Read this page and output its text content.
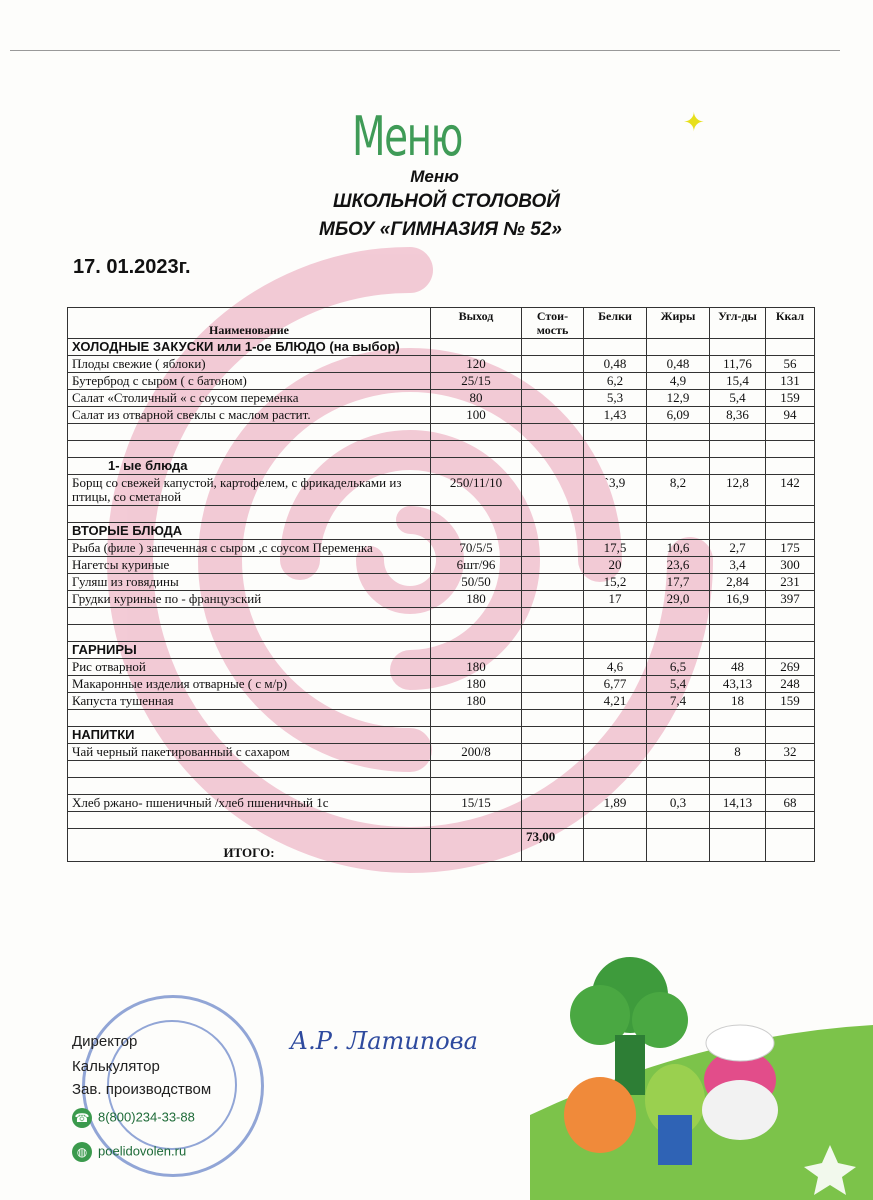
Меню
Меню
ШКОЛЬНОЙ СТОЛОВОЙ
МБОУ «ГИМНАЗИЯ № 52»
17. 01.2023г.
Наименование	Выход	Стои-мость	Белки	Жиры	Угл-ды	Ккал
ХОЛОДНЫЕ ЗАКУСКИ или 1-ое БЛЮДО (на выбор)						
Плоды свежие ( яблоки)	120		0,48	0,48	11,76	56
Бутерброд с сыром ( с батоном)	25/15		6,2	4,9	15,4	131
Салат «Столичный « с соусом переменка	80		5,3	12,9	5,4	159
Салат из отварной свеклы с маслом растит.	100		1,43	6,09	8,36	94

1- ые блюда						
Борщ со свежей капустой, картофелем, с фрикадельками из птицы, со сметаной	250/11/10		`3,9	8,2	12,8	142

ВТОРЫЕ БЛЮДА						
Рыба (филе ) запеченная с сыром ,с соусом Переменка	70/5/5		17,5	10,6	2,7	175
Нагетсы куриные	6шт/96		20	23,6	3,4	300
Гуляш из говядины	50/50		15,2	17,7	2,84	231
Грудки куриные по - французский	180		17	29,0	16,9	397

ГАРНИРЫ						
Рис отварной	180		4,6	6,5	48	269
Макаронные изделия отварные ( с м/р)	180		6,77	5,4	43,13	248
Капуста тушенная	180		4,21	7,4	18	159

НАПИТКИ						
Чай черный пакетированный с сахаром	200/8				8	32

Хлеб ржано- пшеничный /хлеб пшеничный 1с	15/15		1,89	0,3	14,13	68

ИТОГО:		73,00				
✦
Директор
Калькулятор
Зав. производством
А.Р. Латипова
☎ 8(800)234-33-88
◍ poelidovolen.ru
